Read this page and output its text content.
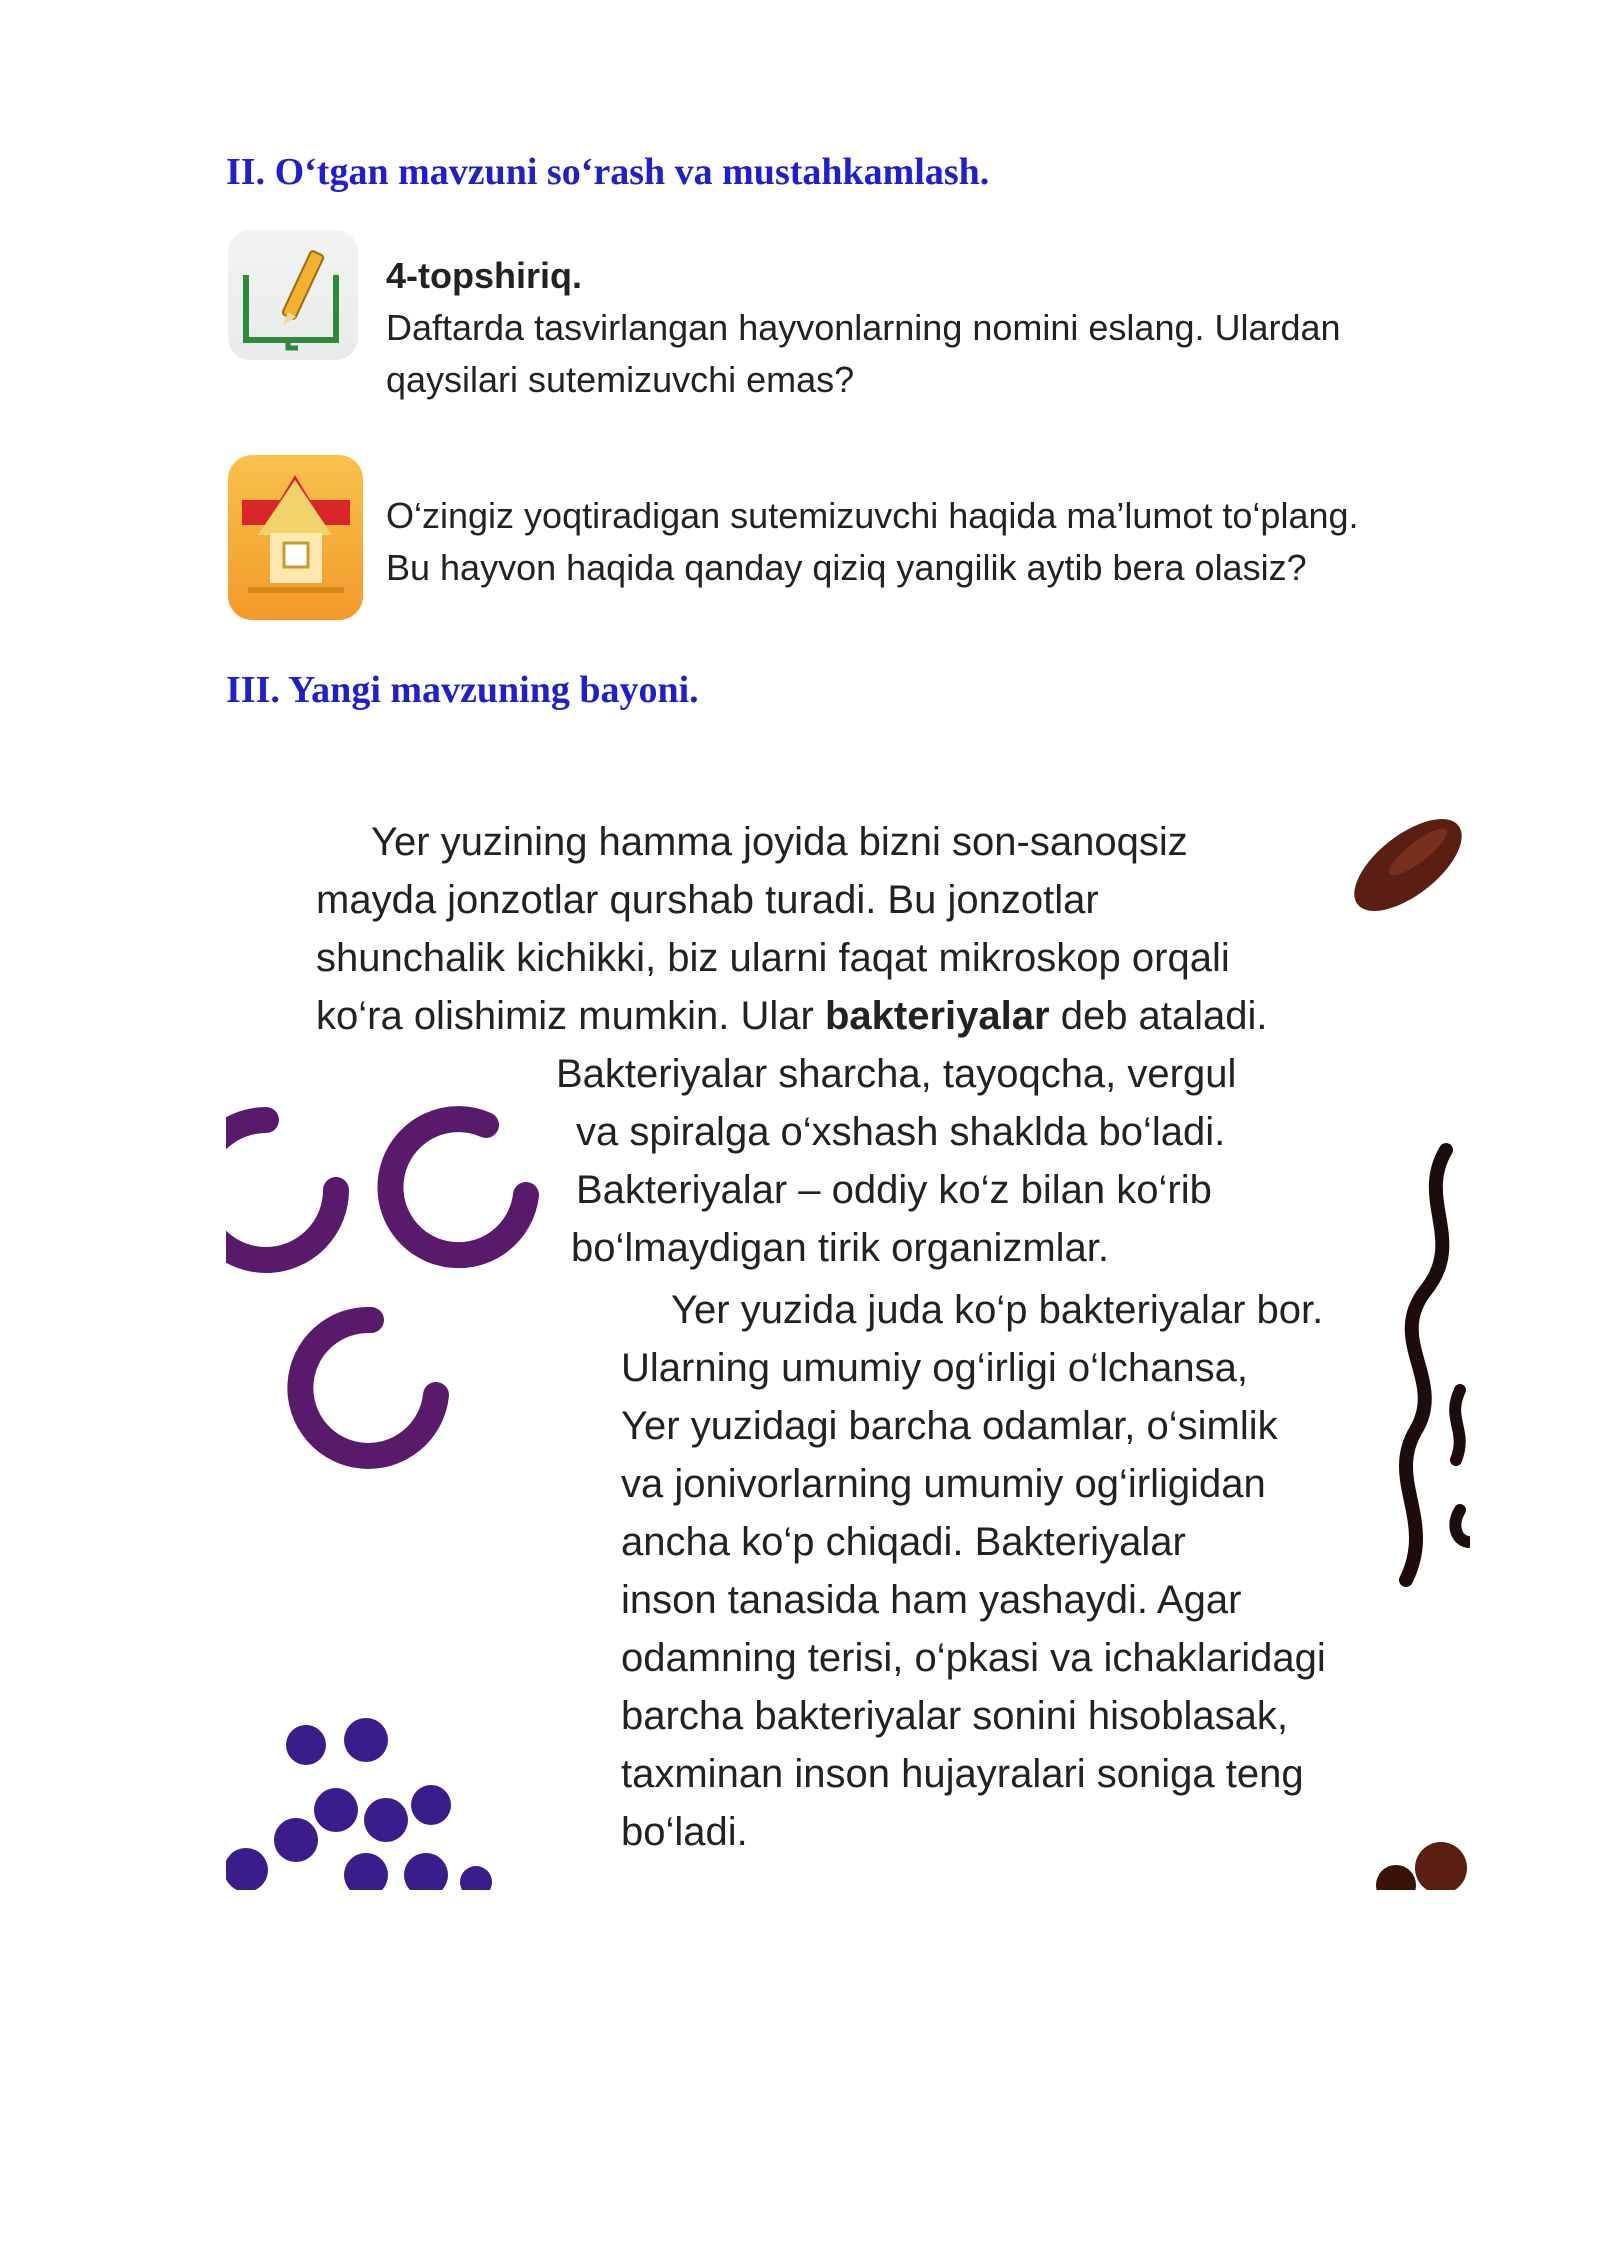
II. O‘tgan mavzuni so‘rash va mustahkamlash.
4-topshiriq.
Daftarda tasvirlangan hayvonlarning nomini eslang. Ulardan
qaysilari sutemizuvchi emas?
O‘zingiz yoqtiradigan sutemizuvchi haqida ma’lumot to‘plang.
Bu hayvon haqida qanday qiziq yangilik aytib bera olasiz?
III. Yangi mavzuning bayoni.
Yer yuzining hamma joyida bizni son-sanoqsiz
mayda jonzotlar qurshab turadi. Bu jonzotlar
shunchalik kichikki, biz ularni faqat mikroskop orqali
ko‘ra olishimiz mumkin. Ular bakteriyalar deb ataladi.
Bakteriyalar sharcha, tayoqcha, vergul
va spiralga o‘xshash shaklda bo‘ladi.
Bakteriyalar – oddiy ko‘z bilan ko‘rib
bo‘lmaydigan tirik organizmlar.
Yer yuzida juda ko‘p bakteriyalar bor.
Ularning umumiy og‘irligi o‘lchansa,
Yer yuzidagi barcha odamlar, o‘simlik
va jonivorlarning umumiy og‘irligidan
ancha ko‘p chiqadi. Bakteriyalar
inson tanasida ham yashaydi. Agar
odamning terisi, o‘pkasi va ichaklaridagi
barcha bakteriyalar sonini hisoblasak,
taxminan inson hujayralari soniga teng
bo‘ladi.
